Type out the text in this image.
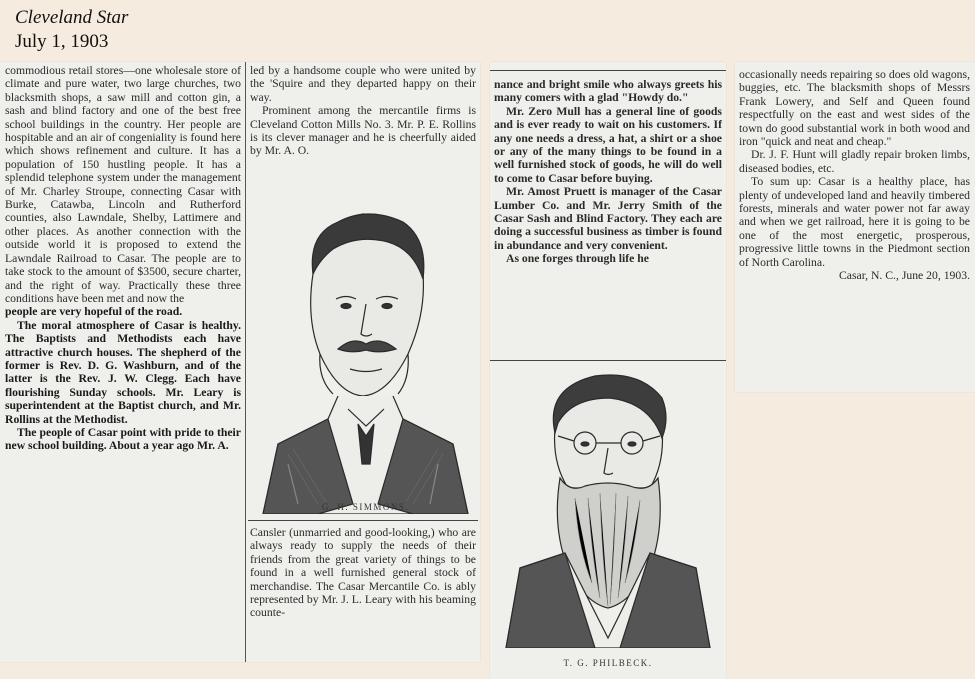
Cleveland Star
July 1, 1903

commodious retail stores—one wholesale store of climate and pure water, two large churches, two blacksmith shops, a saw mill and cotton gin, a sash and blind factory and one of the best free school buildings in the country. Her people are hospitable and an air of congeniality is found here which shows refinement and culture. It has a population of 150 hustling people. It has a splendid telephone system under the management of Mr. Charley Stroupe, connecting Casar with Burke, Catawba, Lincoln and Rutherford counties, also Lawndale, Shelby, Lattimere and other places. As another connection with the outside world it is proposed to extend the Lawndale Railroad to Casar. The people are to take stock to the amount of $3500, secure charter, and the right of way. Practically these three conditions have been met and now the

people are very hopeful of the road.

The moral atmosphere of Casar is healthy. The Baptists and Methodists each have attractive church houses. The shepherd of the former is Rev. D. G. Washburn, and of the latter is the Rev. J. W. Clegg. Each have flourishing Sunday schools. Mr. Leary is superintendent at the Baptist church, and Mr. Rollins at the Methodist.

The people of Casar point with pride to their new school building. About a year ago Mr. A.

led by a handsome couple who were united by the 'Squire and they departed happy on their way.

Prominent among the mercantile firms is Cleveland Cotton Mills No. 3. Mr. P. E. Rollins is its clever manager and he is cheerfully aided by Mr. A. O.

G. H. SIMMONS.

Cansler (unmarried and good-looking,) who are always ready to supply the needs of their friends from the great variety of things to be found in a well furnished general stock of merchandise. The Casar Mercantile Co. is ably represented by Mr. J. L. Leary with his beaming counte-

nance and bright smile who always greets his many comers with a glad "Howdy do."

Mr. Zero Mull has a general line of goods and is ever ready to wait on his customers. If any one needs a dress, a hat, a shirt or a shoe or any of the many things to be found in a well furnished stock of goods, he will do well to come to Casar before buying.

Mr. Amost Pruett is manager of the Casar Lumber Co. and Mr. Jerry Smith of the Casar Sash and Blind Factory. They each are doing a successful business as timber is found in abundance and very convenient.

As one forges through life he

T. G. PHILBECK.

occasionally needs repairing so does old wagons, buggies, etc. The blacksmith shops of Messrs Frank Lowery, and Self and Queen found respectfully on the east and west sides of the town do good substantial work in both wood and iron "quick and neat and cheap."

Dr. J. F. Hunt will gladly repair broken limbs, diseased bodies, etc.

To sum up: Casar is a healthy place, has plenty of undeveloped land and heavily timbered forests, minerals and water power not far away and when we get railroad, here it is going to be one of the most energetic, prosperous, progressive little towns in the Piedmont section of North Carolina.

Casar, N. C., June 20, 1903.
